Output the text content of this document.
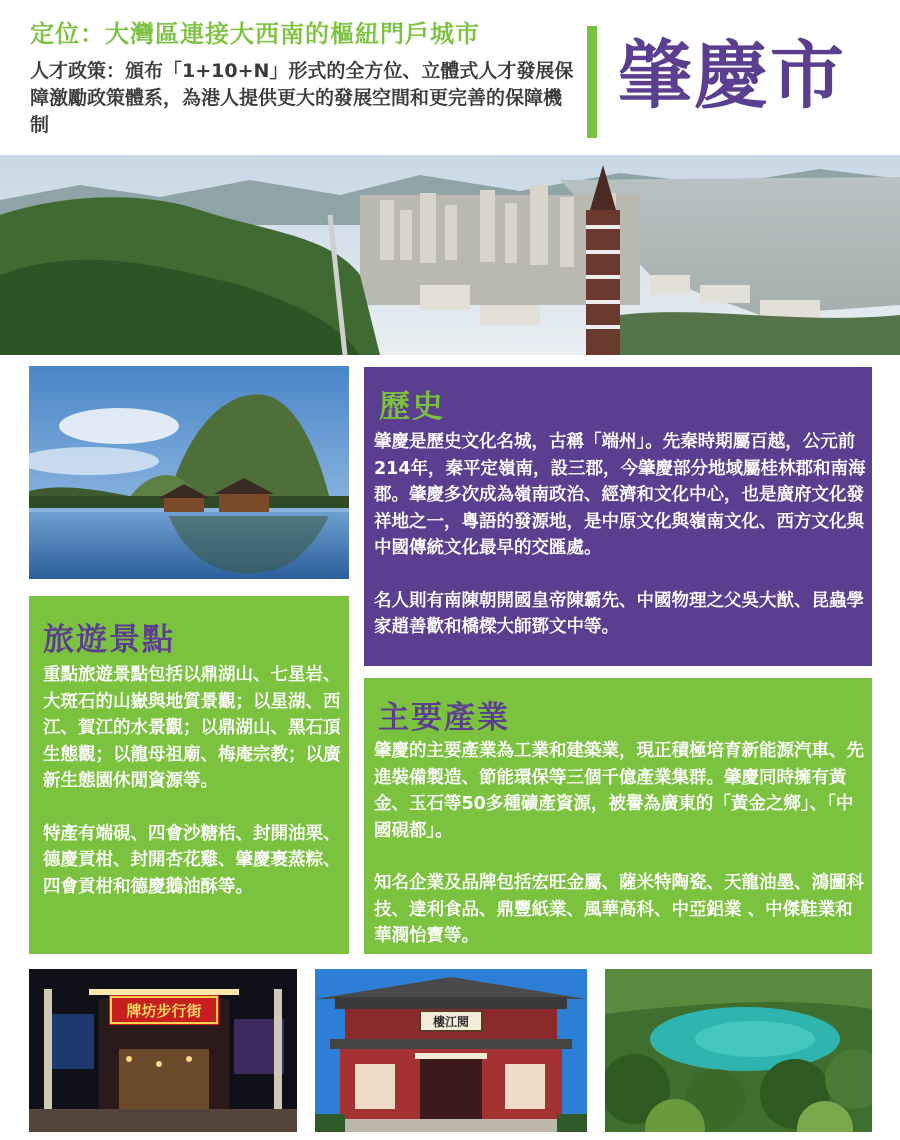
定位：大灣區連接大西南的樞紐門戶城市
人才政策：頒布「1+10+N」形式的全方位、立體式人才發展保障激勵政策體系，為港人提供更大的發展空間和更完善的保障機制
肇慶市
歷史

肇慶是歷史文化名城，古稱「端州」。先秦時期屬百越，公元前214年，秦平定嶺南，設三郡，今肇慶部分地域屬桂林郡和南海郡。肇慶多次成為嶺南政治、經濟和文化中心，也是廣府文化發祥地之一，粵語的發源地，是中原文化與嶺南文化、西方文化與中國傳統文化最早的交匯處。

名人則有南陳朝開國皇帝陳霸先、中國物理之父吳大猷、昆蟲學家趙善歡和橋樑大師鄧文中等。

旅遊景點

重點旅遊景點包括以鼎湖山、七星岩、大斑石的山嶽與地質景觀；以星湖、西江、賀江的水景觀；以鼎湖山、黑石頂生態觀；以龍母祖廟、梅庵宗教；以廣新生態園休閒資源等。

特產有端硯、四會沙糖桔、封開油栗、德慶貢柑、封開杏花雞、肇慶裹蒸粽、四會貢柑和德慶鵝油酥等。

主要產業

肇慶的主要產業為工業和建築業，現正積極培育新能源汽車、先進裝備製造、節能環保等三個千億產業集群。肇慶同時擁有黃金、玉石等50多種礦產資源，被譽為廣東的「黃金之鄉」、「中國硯都」。

知名企業及品牌包括宏旺金屬、薩米特陶瓷、天龍油墨、鴻圖科技、達利食品、鼎豐紙業、風華高科、中亞鋁業 、中傑鞋業和華潤怡寶等。

牌坊步行街
樓江閱
